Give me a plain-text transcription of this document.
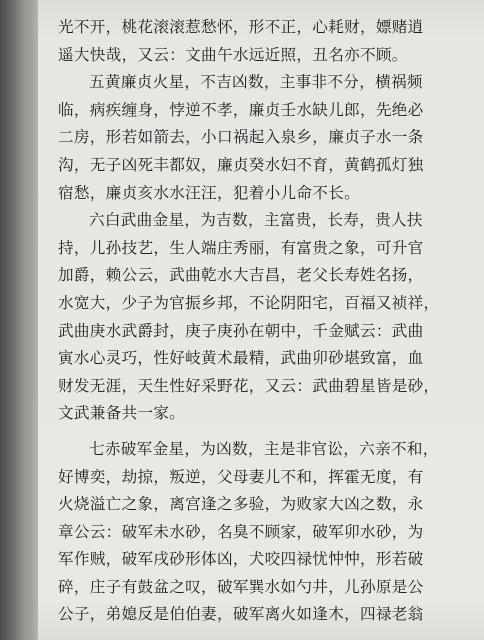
光不开，桃花滚滚惹愁怀，形不正，心耗财，嫖赌逍
遥大快哉，又云：文曲午水远近照，丑名亦不顾。
五黄廉贞火星，不吉凶数，主事非不分，横祸频
临，病疾缠身，悖逆不孝，廉贞壬水缺儿郎，先绝必
二房，形若如箭去，小口祸起入泉乡，廉贞子水一条
沟，无子凶死丰都奴，廉贞癸水妇不育，黄鹤孤灯独
宿愁，廉贞亥水水汪汪，犯着小儿命不长。
六白武曲金星，为吉数，主富贵，长寿，贵人扶
持，儿孙技艺，生人端庄秀丽，有富贵之象，可升官
加爵，赖公云，武曲乾水大吉昌，老父长寿姓名扬，
水宽大，少子为官振乡邦，不论阴阳宅，百福又祯祥，
武曲庚水武爵封，庚子庚孙在朝中，千金赋云：武曲
寅水心灵巧，性好岐黄术最精，武曲卯砂堪致富，血
财发无涯，天生性好采野花，又云：武曲碧星皆是砂，
文武兼备共一家。
七赤破军金星，为凶数，主是非官讼，六亲不和，
好博奕，劫掠，叛逆，父母妻儿不和，挥霍无度，有
火烧溢亡之象，离宫逢之多验，为败家大凶之数，永
章公云：破军未水砂，名臭不顾家，破军卯水砂，为
军作贼，破军戌砂形体凶，犬咬四禄忧忡忡，形若破
碎，庄子有鼓盆之叹，破军巽水如勺井，儿孙原是公
公子，弟媳反是伯伯妻，破军离火如逢木，四禄老翁
